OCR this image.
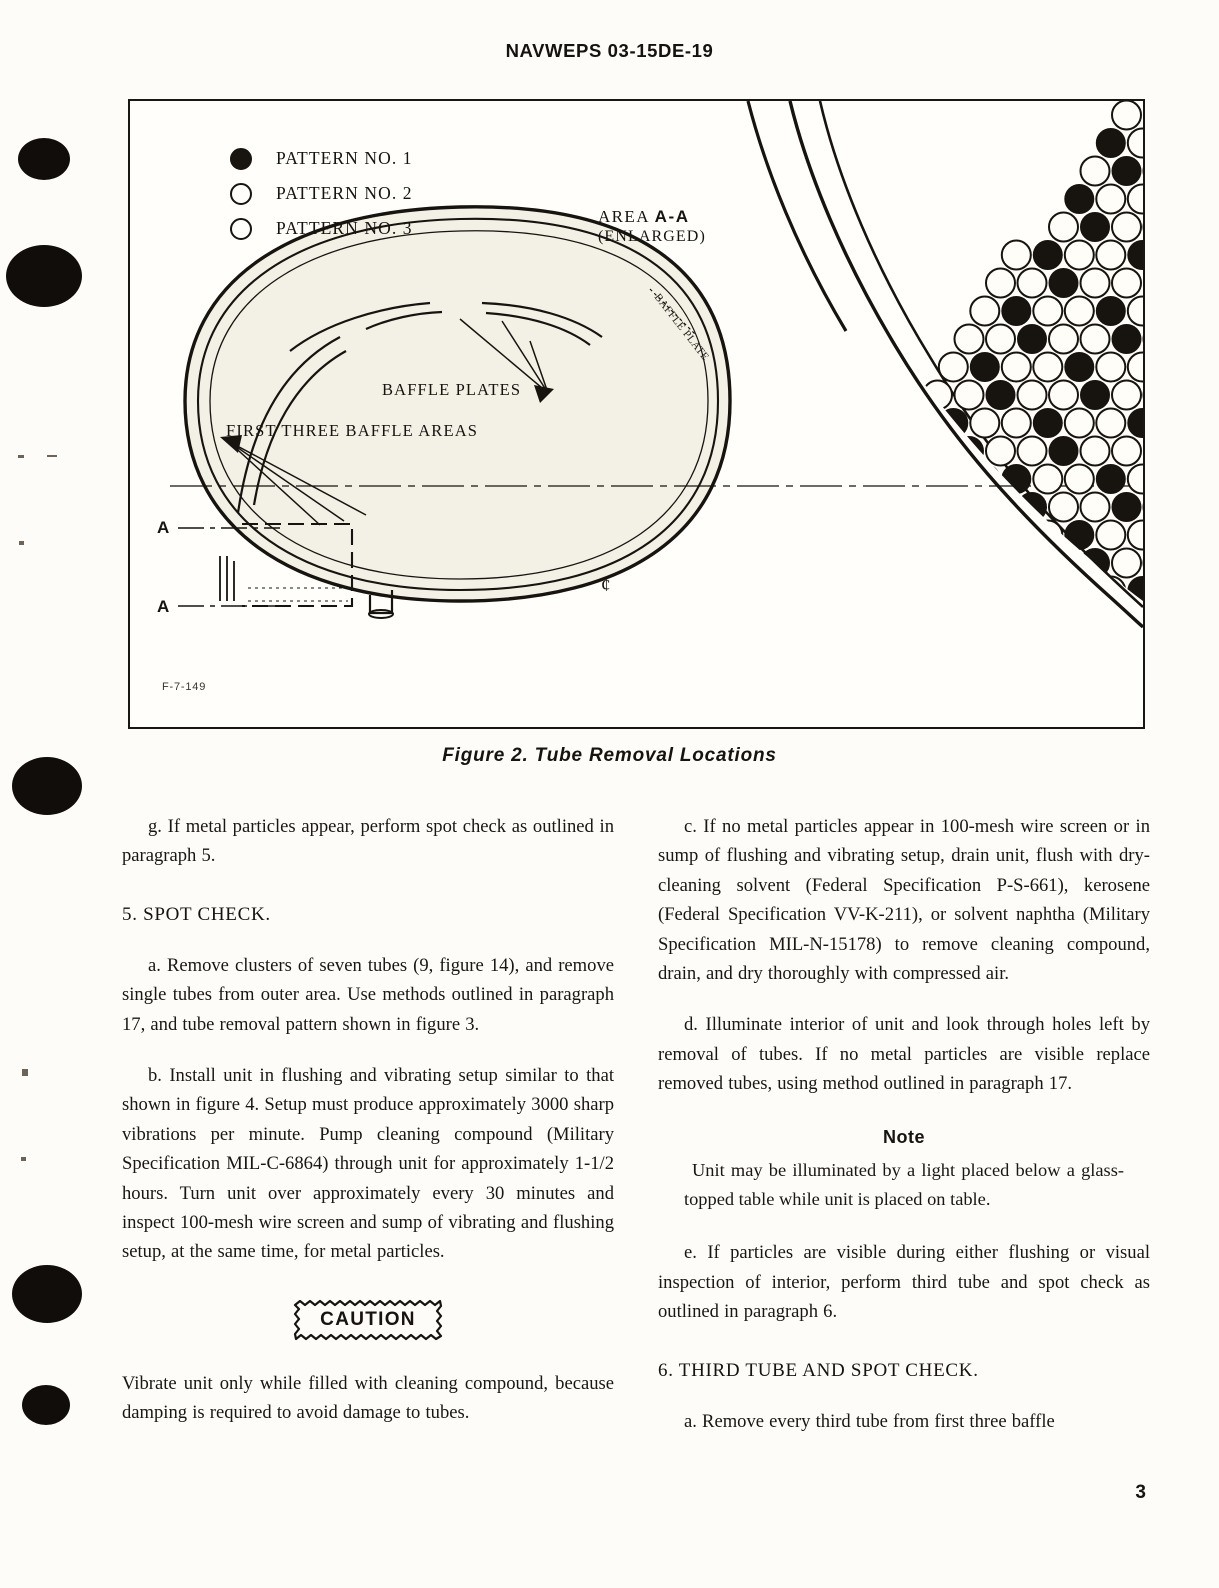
NAVWEPS 03-15DE-19
BAFFLE PLATE
PATTERN NO. 1
PATTERN NO. 2
PATTERN NO. 3
AREA A-A
(ENLARGED)
BAFFLE PLATES
FIRST THREE BAFFLE AREAS
A
A
¢
F-7-149
Figure 2. Tube Removal Locations

g. If metal particles appear, perform spot check as outlined in paragraph 5.

5. SPOT CHECK.

a. Remove clusters of seven tubes (9, figure 14), and remove single tubes from outer area. Use methods outlined in paragraph 17, and tube removal pattern shown in figure 3.

b. Install unit in flushing and vibrating setup similar to that shown in figure 4. Setup must produce approximately 3000 sharp vibrations per minute. Pump cleaning compound (Military Specification MIL-C-6864) through unit for approximately 1-1/2 hours. Turn unit over approximately every 30 minutes and inspect 100-mesh wire screen and sump of vibrating and flushing setup, at the same time, for metal particles.

CAUTION

Vibrate unit only while filled with cleaning compound, because damping is required to avoid damage to tubes.

c. If no metal particles appear in 100-mesh wire screen or in sump of flushing and vibrating setup, drain unit, flush with dry-cleaning solvent (Federal Specification P-S-661), kerosene (Federal Specification VV-K-211), or solvent naphtha (Military Specification MIL-N-15178) to remove cleaning compound, drain, and dry thoroughly with compressed air.

d. Illuminate interior of unit and look through holes left by removal of tubes. If no metal particles are visible replace removed tubes, using method outlined in paragraph 17.

Note

Unit may be illuminated by a light placed below a glass-topped table while unit is placed on table.

e. If particles are visible during either flushing or visual inspection of interior, perform third tube and spot check as outlined in paragraph 6.

6. THIRD TUBE AND SPOT CHECK.

a. Remove every third tube from first three baffle

3
